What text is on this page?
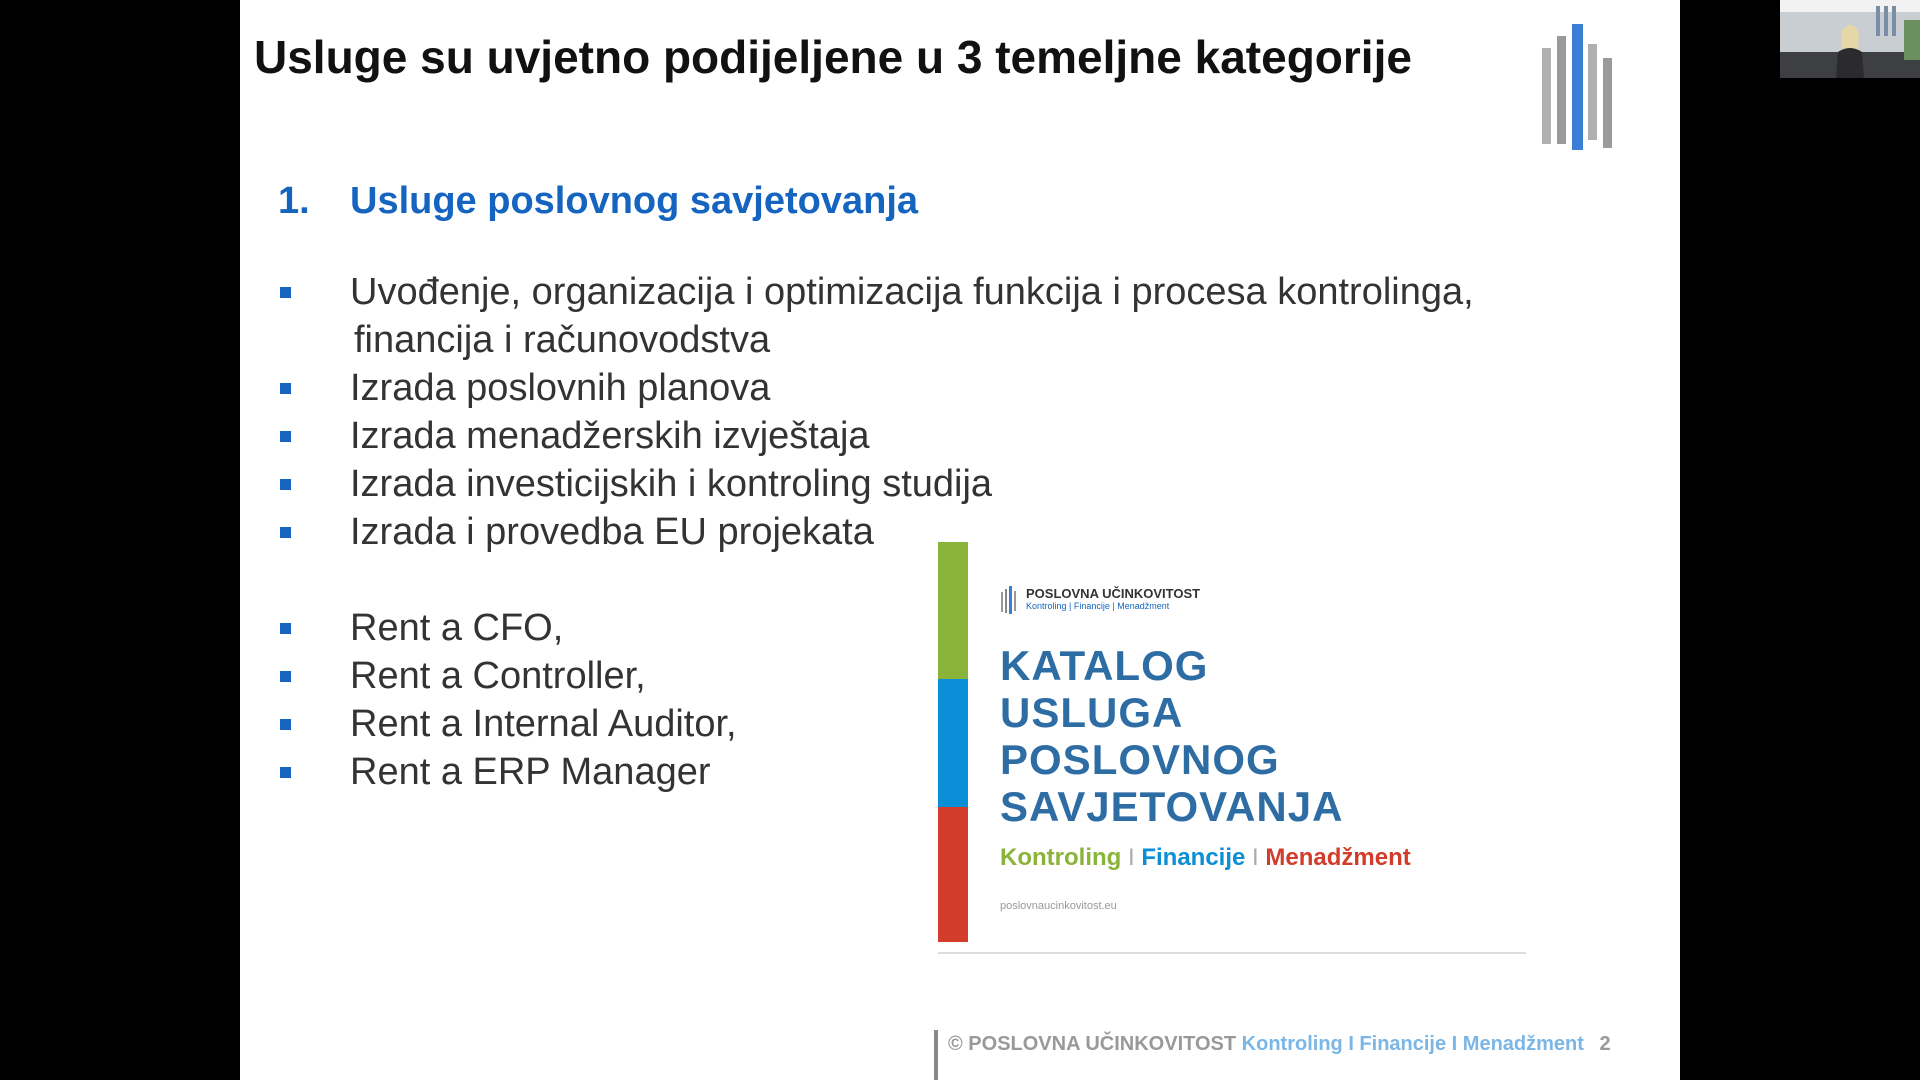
Usluge su uvjetno podijeljene u 3 temeljne kategorije
1. Usluge poslovnog savjetovanja
Uvođenje, organizacija i optimizacija funkcija i procesa kontrolinga,
financija i računovodstva
Izrada poslovnih planova
Izrada menadžerskih izvještaja
Izrada investicijskih i kontroling studija
Izrada i provedba EU projekata
Rent a CFO,
Rent a Controller,
Rent a Internal Auditor,
Rent a ERP Manager
POSLOVNA UČINKOVITOST
Kontroling | Financije | Menadžment
KATALOG
USLUGA
POSLOVNOG
SAVJETOVANJA
Kontroling I Financije I Menadžment
poslovnaucinkovitost.eu
© POSLOVNA UČINKOVITOST Kontroling I Financije I Menadžment 2
